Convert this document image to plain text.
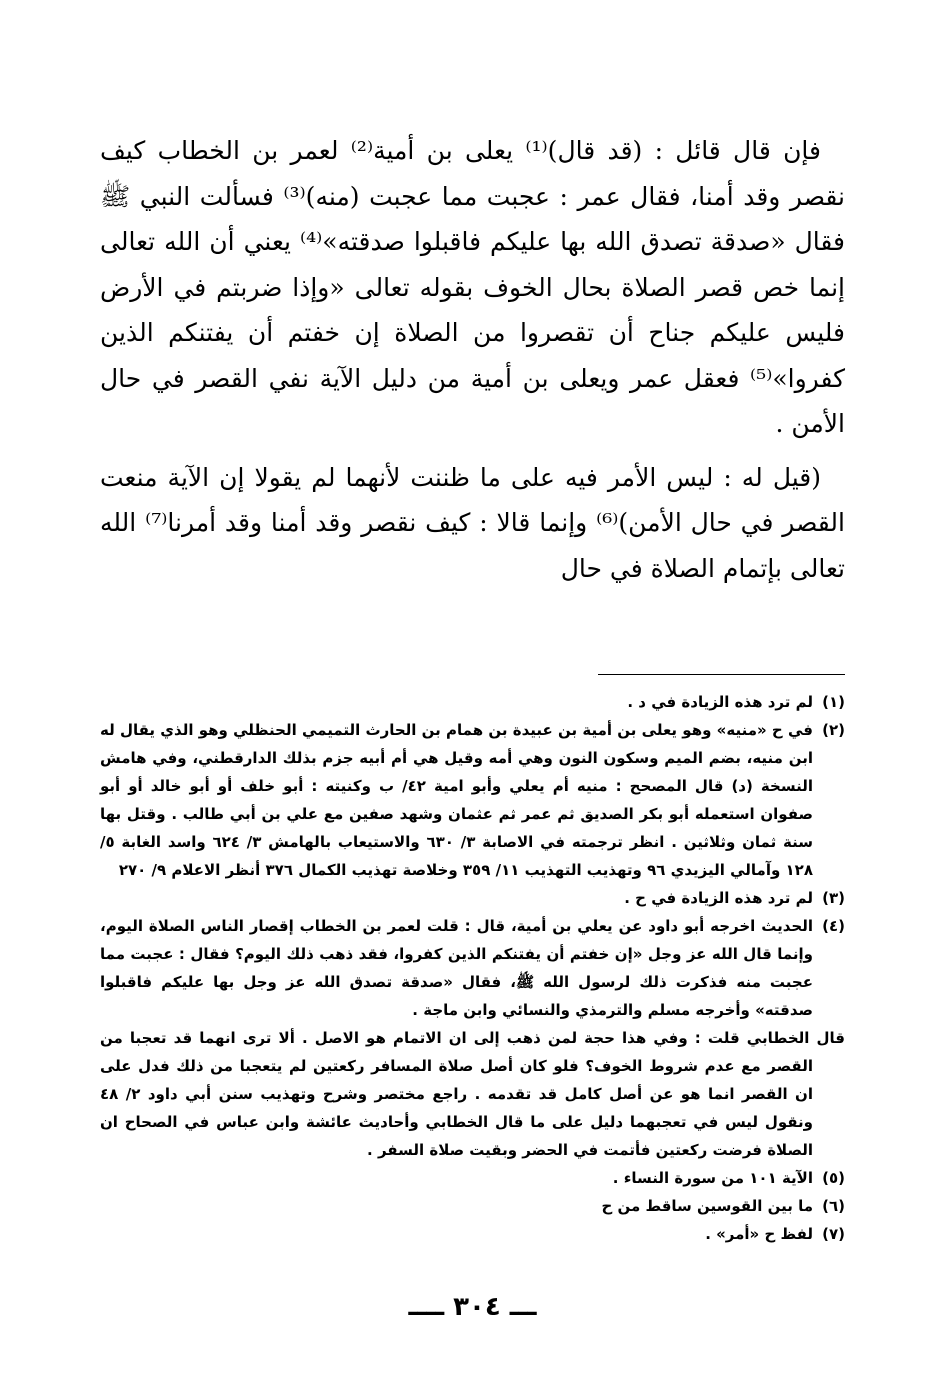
فإن قال قائل : (قد قال)⁽¹⁾ يعلى بن أمية⁽²⁾ لعمر بن الخطاب كيف نقصر وقد أمنا، فقال عمر : عجبت مما عجبت (منه)⁽³⁾ فسألت النبي ﷺ فقال «صدقة تصدق الله بها عليكم فاقبلوا صدقته»⁽⁴⁾ يعني أن الله تعالى إنما خص قصر الصلاة بحال الخوف بقوله تعالى «وإذا ضربتم في الأرض فليس عليكم جناح أن تقصروا من الصلاة إن خفتم أن يفتنكم الذين كفروا»⁽⁵⁾ فعقل عمر ويعلى بن أمية من دليل الآية نفي القصر في حال الأمن .

(قيل له : ليس الأمر فيه على ما ظننت لأنهما لم يقولا إن الآية منعت القصر في حال الأمن)⁽⁶⁾ وإنما قالا : كيف نقصر وقد أمنا وقد أمرنا⁽⁷⁾ الله تعالى بإتمام الصلاة في حال

(١)
لم ترد هذه الزيادة في د .
(٢)
في ح «منيه» وهو يعلى بن أمية بن عبيدة بن همام بن الحارث التميمي الحنظلي وهو الذي يقال له ابن منيه، بضم الميم وسكون النون وهي أمه وقيل هي أم أبيه جزم بذلك الدارقطني، وفي هامش النسخة (د) قال المصحح : منيه أم يعلي وأبو امية ٤٢/ ب وكنيته : أبو خلف أو أبو خالد أو أبو صفوان استعمله أبو بكر الصديق ثم عمر ثم عثمان وشهد صفين مع علي بن أبي طالب . وقتل بها سنة ثمان وثلاثين . انظر ترجمته في الاصابة ٣/ ٦٣٠ والاستيعاب بالهامش ٣/ ٦٢٤ واسد الغابة ٥/ ١٢٨ وآمالي اليزيدي ٩٦ وتهذيب التهذيب ١١/ ٣٥٩ وخلاصة تهذيب الكمال ٣٧٦ أنظر الاعلام ٩/ ٢٧٠
(٣)
لم ترد هذه الزيادة في ح .
(٤)
الحديث اخرجه أبو داود عن يعلي بن أمية، قال : قلت لعمر بن الخطاب إقصار الناس الصلاة اليوم، وإنما قال الله عز وجل «إن خفتم أن يفتنكم الذين كفروا، فقد ذهب ذلك اليوم؟ فقال : عجبت مما عجبت منه فذكرت ذلك لرسول الله ﷺ، فقال «صدقة تصدق الله عز وجل بها عليكم فاقبلوا صدقته» وأخرجه مسلم والترمذي والنسائي وابن ماجة .
قال الخطابي قلت : وفي هذا حجة لمن ذهب إلى ان الاتمام هو الاصل . ألا ترى انهما قد تعجبا من القصر مع عدم شروط الخوف؟ فلو كان أصل صلاة المسافر ركعتين لم يتعجبا من ذلك فدل على ان القصر انما هو عن أصل كامل قد تقدمه . راجع مختصر وشرح وتهذيب سنن أبي داود ٢/ ٤٨ ونقول ليس في تعجبهما دليل على ما قال الخطابي وأحاديث عائشة وابن عباس في الصحاح ان الصلاة فرضت ركعتين فأتمت في الحضر وبقيت صلاة السفر .
(٥)
الآية ١٠١ من سورة النساء .
(٦)
ما بين القوسين ساقط من ح
(٧)
لفظ ح «أمر» .
ـــ ٣٠٤ ــــ
